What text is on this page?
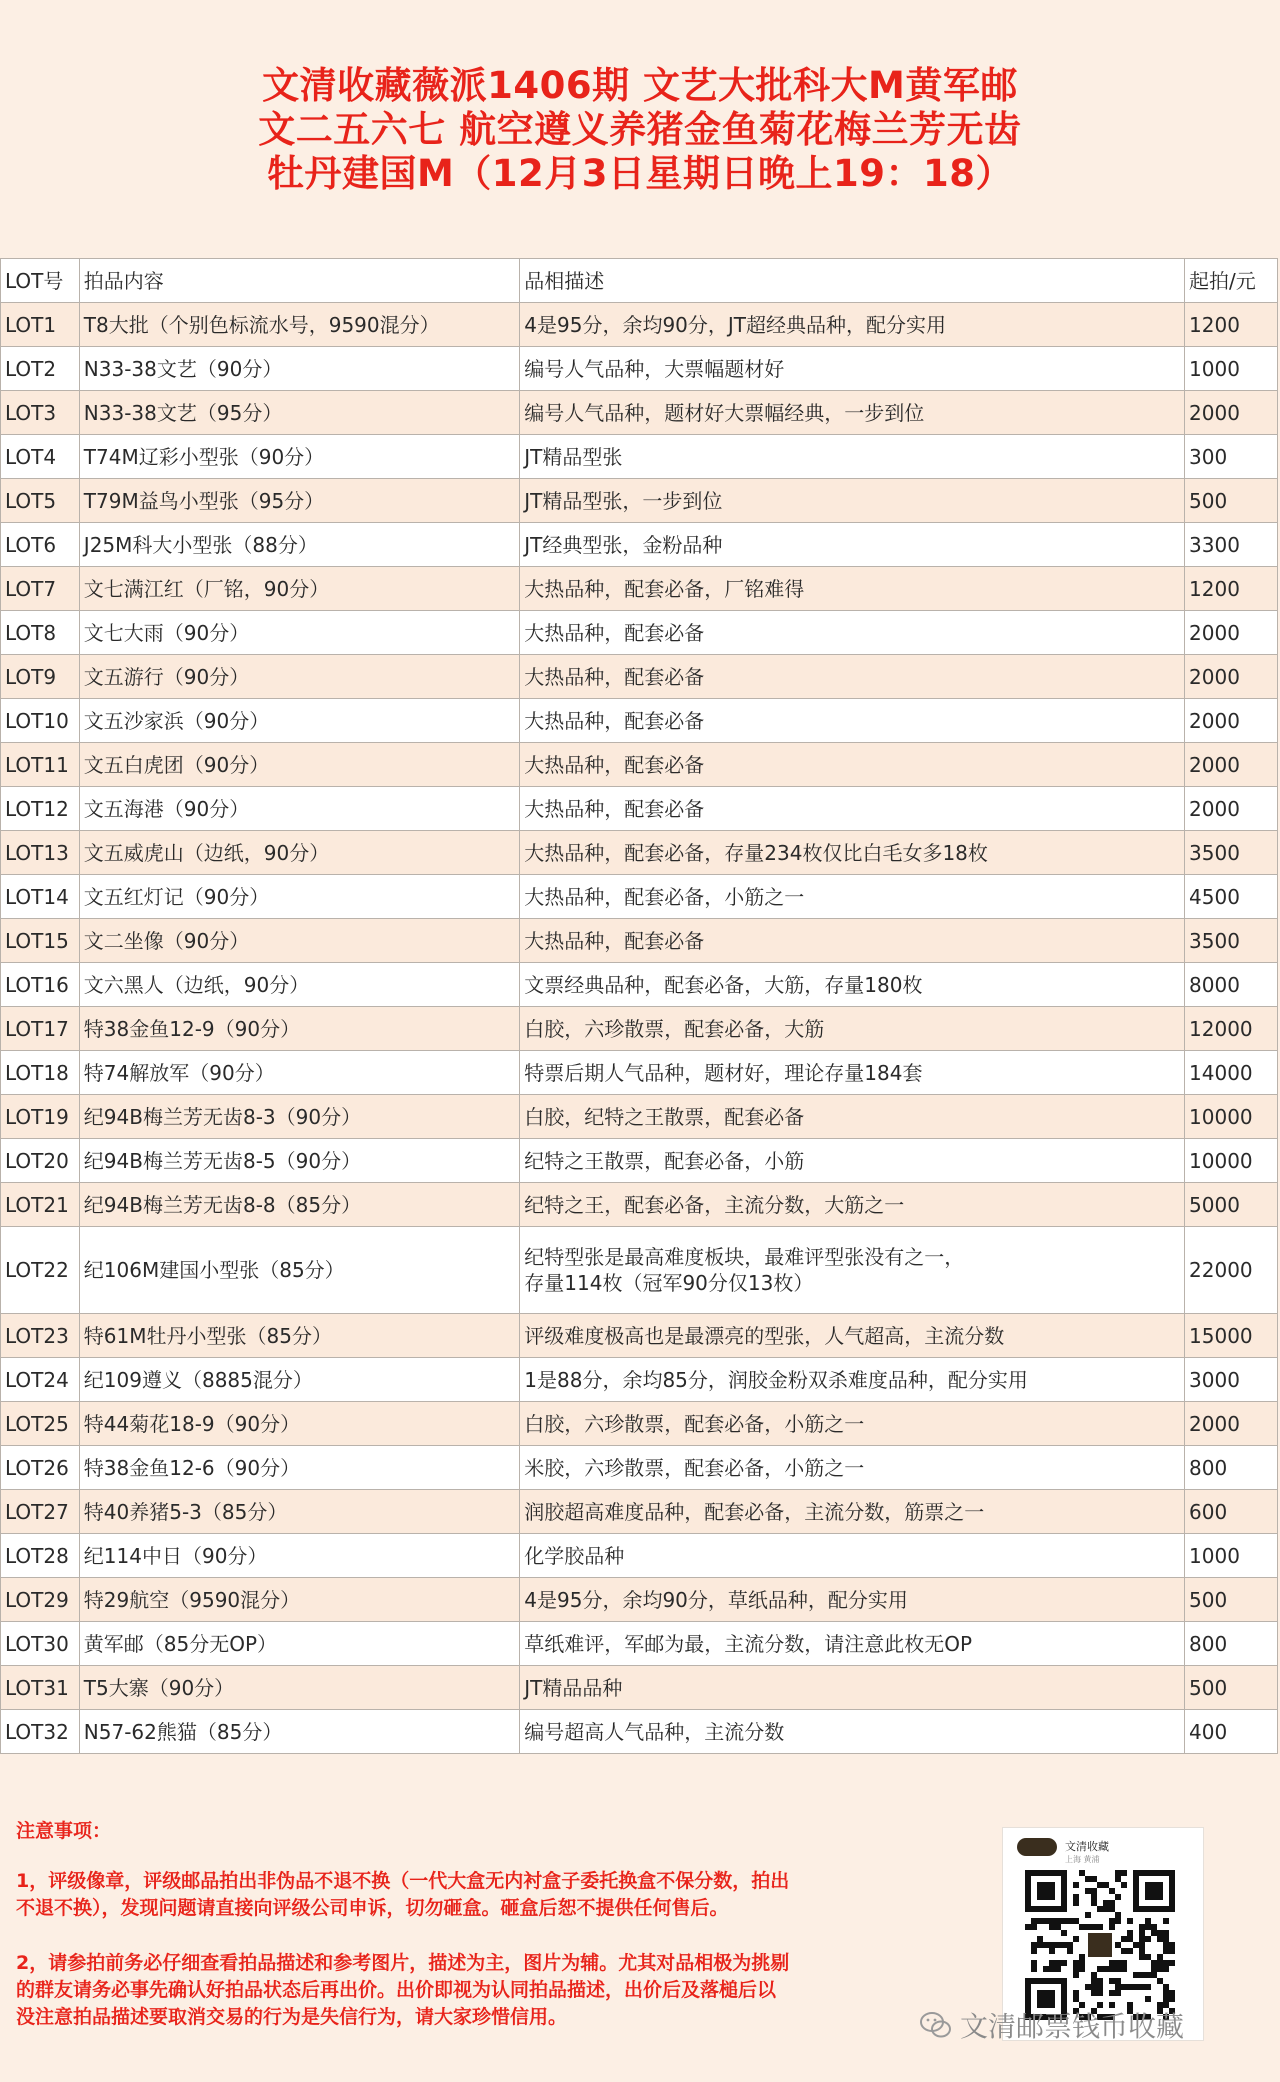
文清收藏薇派1406期 文艺大批科大M黄军邮
文二五六七 航空遵义养猪金鱼菊花梅兰芳无齿
牡丹建国M（12月3日星期日晚上19：18）
LOT号	拍品内容	品相描述	起拍/元
LOT1	T8大批（个别色标流水号，9590混分）	4是95分，余均90分，JT超经典品种，配分实用	1200
LOT2	N33-38文艺（90分）	编号人气品种，大票幅题材好	1000
LOT3	N33-38文艺（95分）	编号人气品种，题材好大票幅经典，一步到位	2000
LOT4	T74M辽彩小型张（90分）	JT精品型张	300
LOT5	T79M益鸟小型张（95分）	JT精品型张，一步到位	500
LOT6	J25M科大小型张（88分）	JT经典型张，金粉品种	3300
LOT7	文七满江红（厂铭，90分）	大热品种，配套必备，厂铭难得	1200
LOT8	文七大雨（90分）	大热品种，配套必备	2000
LOT9	文五游行（90分）	大热品种，配套必备	2000
LOT10	文五沙家浜（90分）	大热品种，配套必备	2000
LOT11	文五白虎团（90分）	大热品种，配套必备	2000
LOT12	文五海港（90分）	大热品种，配套必备	2000
LOT13	文五威虎山（边纸，90分）	大热品种，配套必备，存量234枚仅比白毛女多18枚	3500
LOT14	文五红灯记（90分）	大热品种，配套必备，小筋之一	4500
LOT15	文二坐像（90分）	大热品种，配套必备	3500
LOT16	文六黑人（边纸，90分）	文票经典品种，配套必备，大筋，存量180枚	8000
LOT17	特38金鱼12-9（90分）	白胶，六珍散票，配套必备，大筋	12000
LOT18	特74解放军（90分）	特票后期人气品种，题材好，理论存量184套	14000
LOT19	纪94B梅兰芳无齿8-3（90分）	白胶，纪特之王散票，配套必备	10000
LOT20	纪94B梅兰芳无齿8-5（90分）	纪特之王散票，配套必备，小筋	10000
LOT21	纪94B梅兰芳无齿8-8（85分）	纪特之王，配套必备，主流分数，大筋之一	5000
LOT22	纪106M建国小型张（85分）	纪特型张是最高难度板块，最难评型张没有之一，
存量114枚（冠军90分仅13枚）	22000
LOT23	特61M牡丹小型张（85分）	评级难度极高也是最漂亮的型张，人气超高，主流分数	15000
LOT24	纪109遵义（8885混分）	1是88分，余均85分，润胶金粉双杀难度品种，配分实用	3000
LOT25	特44菊花18-9（90分）	白胶，六珍散票，配套必备，小筋之一	2000
LOT26	特38金鱼12-6（90分）	米胶，六珍散票，配套必备，小筋之一	800
LOT27	特40养猪5-3（85分）	润胶超高难度品种，配套必备，主流分数，筋票之一	600
LOT28	纪114中日（90分）	化学胶品种	1000
LOT29	特29航空（9590混分）	4是95分，余均90分，草纸品种，配分实用	500
LOT30	黄军邮（85分无OP）	草纸难评，军邮为最，主流分数，请注意此枚无OP	800
LOT31	T5大寨（90分）	JT精品品种	500
LOT32	N57-62熊猫（85分）	编号超高人气品种，主流分数	400
注意事项：
1，评级像章，评级邮品拍出非伪品不退不换（一代大盒无内衬盒子委托换盒不保分数，拍出
不退不换），发现问题请直接向评级公司申诉，切勿砸盒。砸盒后恕不提供任何售后。
2，请参拍前务必仔细查看拍品描述和参考图片，描述为主，图片为辅。尤其对品相极为挑剔
的群友请务必事先确认好拍品状态后再出价。出价即视为认同拍品描述，出价后及落槌后以
没注意拍品描述要取消交易的行为是失信行为，请大家珍惜信用。
文清收藏
上海 黄浦
文清邮票钱币收藏
